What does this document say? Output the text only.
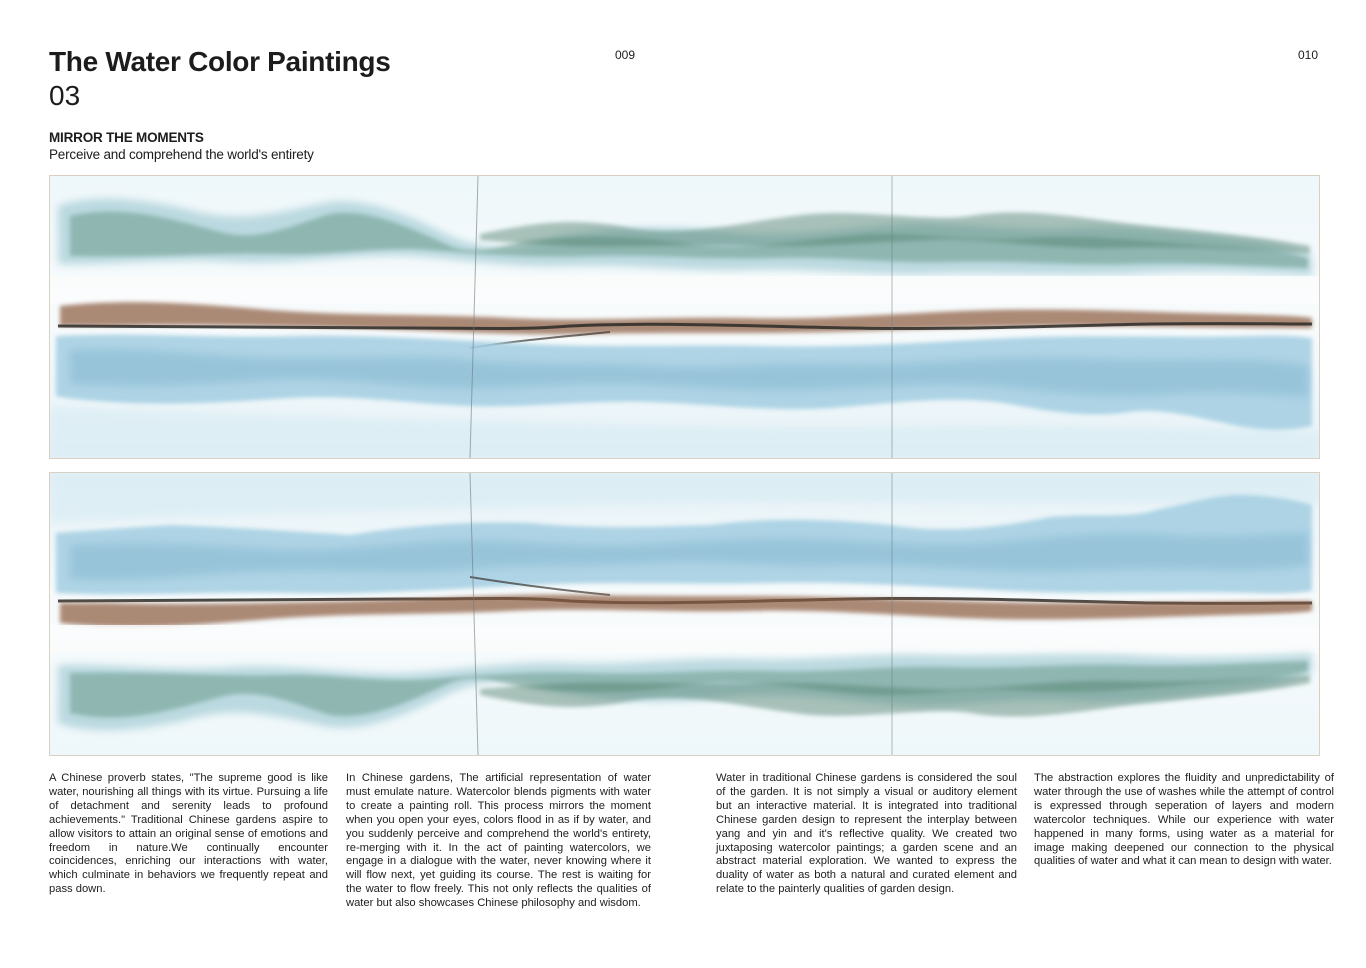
The Water Color Paintings
03
009	010
MIRROR THE MOMENTS
Perceive and comprehend the world's entirety

A Chinese proverb states, "The supreme good is like water, nourishing all things with its virtue. Pursuing a life of detachment and serenity leads to profound achievements." Traditional Chinese gardens aspire to allow visitors to attain an original sense of emotions and freedom in nature.We continually encounter coincidences, enriching our interactions with water, which culminate in behaviors we frequently repeat and pass down.

In Chinese gardens, The artificial representation of water must emulate nature. Watercolor blends pigments with water to create a painting roll. This process mirrors the moment when you open your eyes, colors flood in as if by water, and you suddenly perceive and comprehend the world's entirety, re-merging with it. In the act of painting watercolors, we engage in a dialogue with the water, never knowing where it will flow next, yet guiding its course. The rest is waiting for the water to flow freely. This not only reflects the qualities of water but also showcases Chinese philosophy and wisdom.

Water in traditional Chinese gardens is considered the soul of the garden. It is not simply a visual or auditory element but an interactive material. It is integrated into traditional Chinese garden design to represent the interplay between yang and yin and it's reflective quality. We created two juxtaposing watercolor paintings; a garden scene and an abstract material exploration. We wanted to express the duality of water as both a natural and curated element and relate to the painterly qualities of garden design.

The abstraction explores the fluidity and unpredictability of water through the use of washes while the attempt of control is expressed through seperation of layers and modern watercolor techniques. While our experience with water happened in many forms, using water as a material for image making deepened our connection to the physical qualities of water and what it can mean to design with water.
